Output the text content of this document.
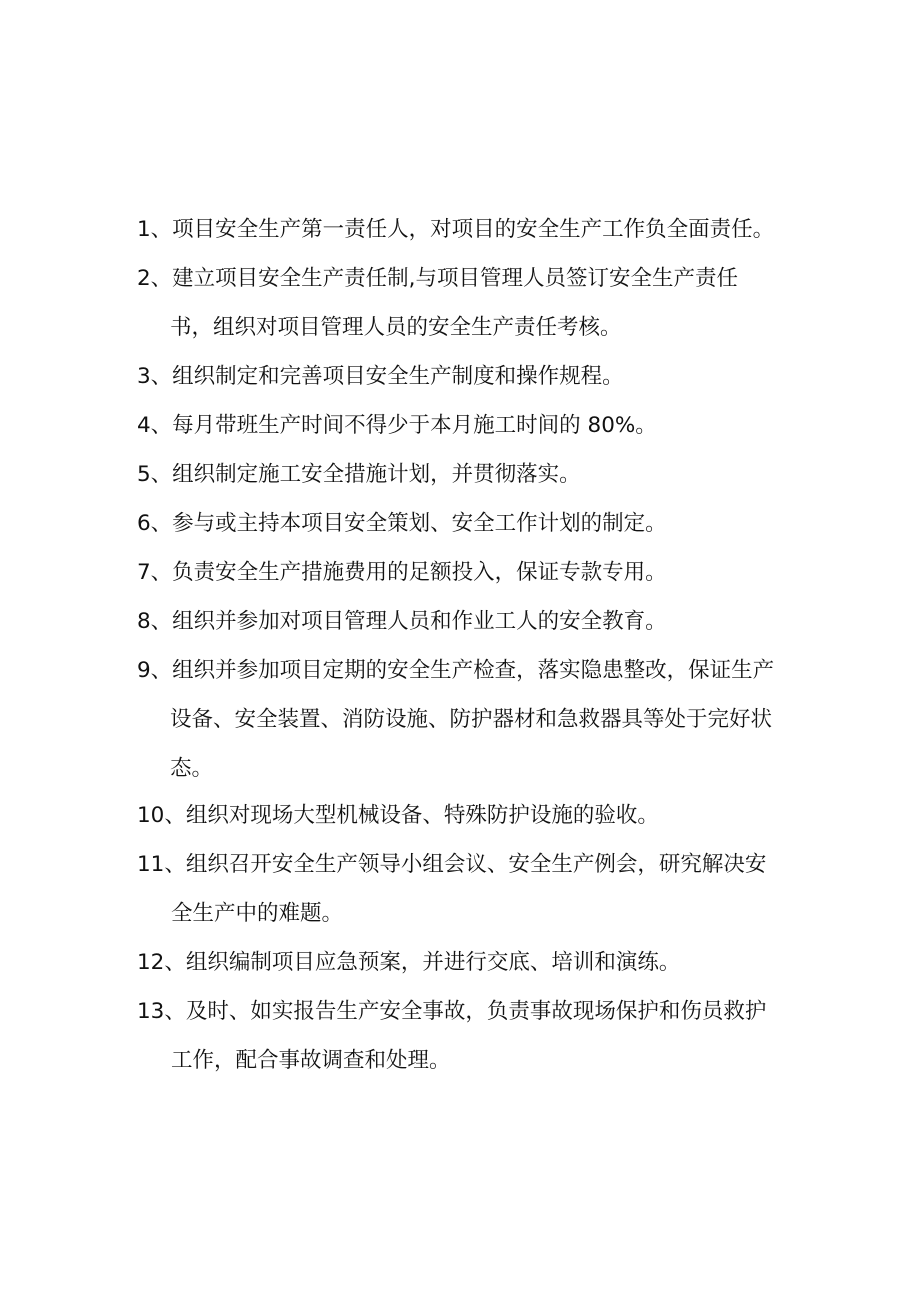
1、项目安全生产第一责任人，对项目的安全生产工作负全面责任。
2、建立项目安全生产责任制,与项目管理人员签订安全生产责任
书，组织对项目管理人员的安全生产责任考核。
3、组织制定和完善项目安全生产制度和操作规程。
4、每月带班生产时间不得少于本月施工时间的 80%。
5、组织制定施工安全措施计划，并贯彻落实。
6、参与或主持本项目安全策划、安全工作计划的制定。
7、负责安全生产措施费用的足额投入，保证专款专用。
8、组织并参加对项目管理人员和作业工人的安全教育。
9、组织并参加项目定期的安全生产检查，落实隐患整改，保证生产
设备、安全装置、消防设施、防护器材和急救器具等处于完好状
态。
10、组织对现场大型机械设备、特殊防护设施的验收。
11、组织召开安全生产领导小组会议、安全生产例会，研究解决安
全生产中的难题。
12、组织编制项目应急预案，并进行交底、培训和演练。
13、及时、如实报告生产安全事故，负责事故现场保护和伤员救护
工作，配合事故调查和处理。
